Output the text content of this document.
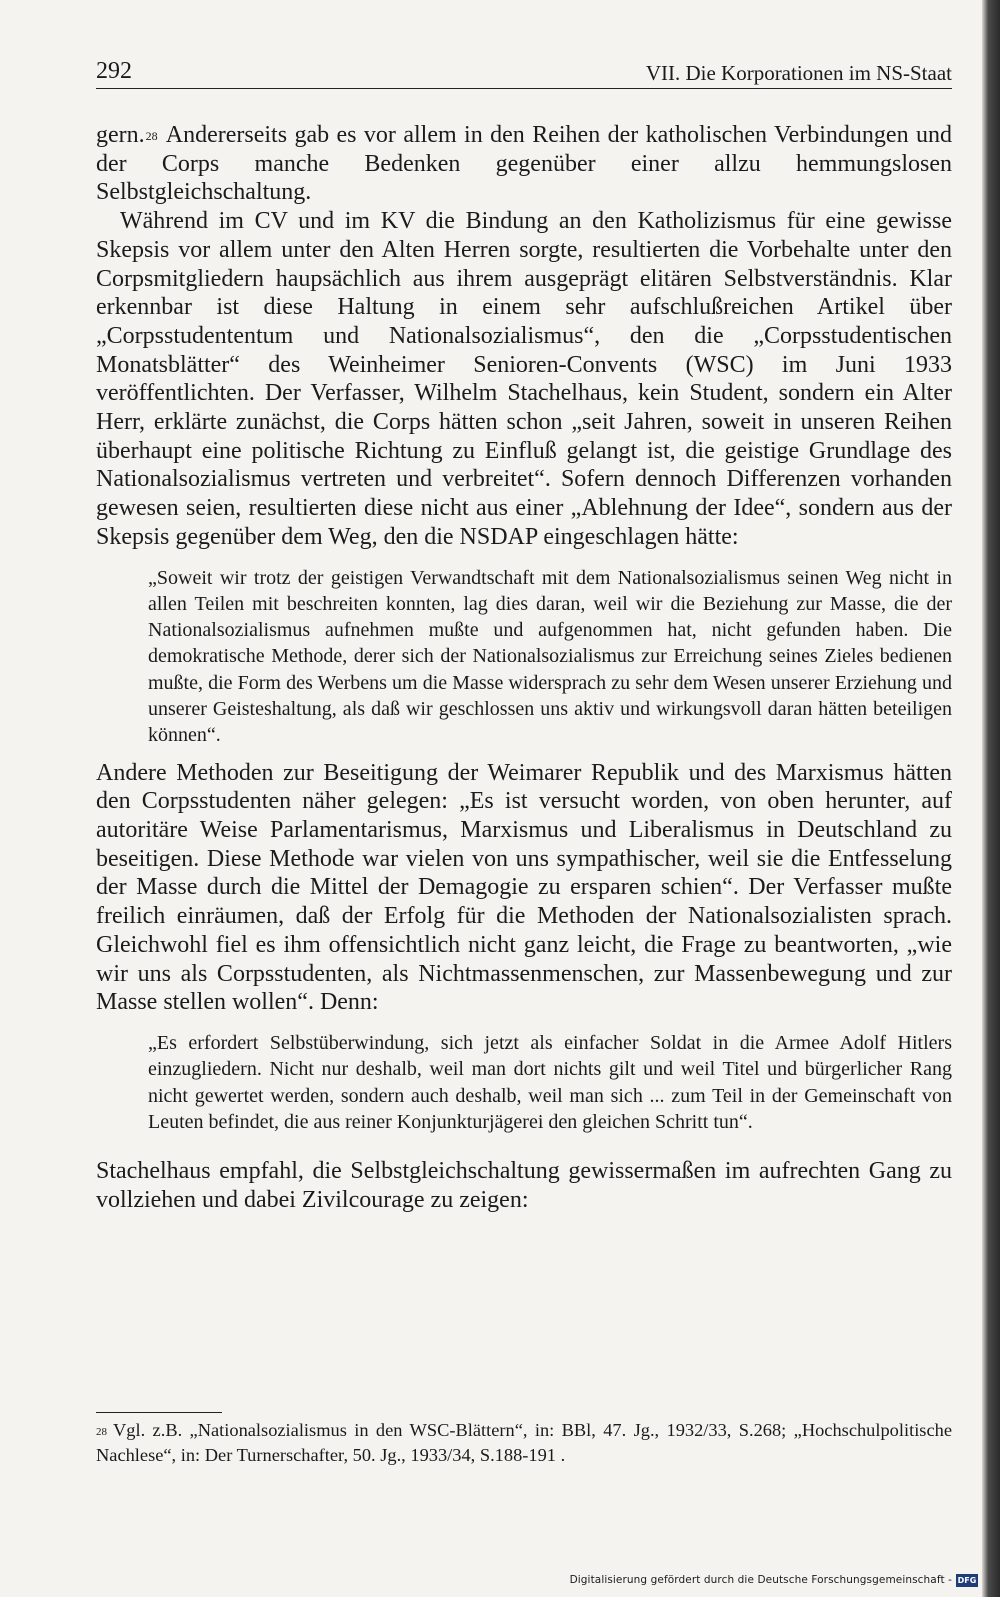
292	VII. Die Korporationen im NS-Staat

gern.$^{28}$ Andererseits gab es vor allem in den Reihen der katholischen Verbindungen und der Corps manche Bedenken gegenüber einer allzu hemmungslosen Selbstgleichschaltung.

Während im CV und im KV die Bindung an den Katholizismus für eine gewisse Skepsis vor allem unter den Alten Herren sorgte, resultierten die Vorbehalte unter den Corpsmitgliedern haupsächlich aus ihrem ausgeprägt elitären Selbstverständnis. Klar erkennbar ist diese Haltung in einem sehr aufschlußreichen Artikel über „Corpsstudententum und Nationalsozialismus“, den die „Corpsstudentischen Monatsblätter“ des Weinheimer Senioren-Convents (WSC) im Juni 1933 veröffentlichten. Der Verfasser, Wilhelm Stachelhaus, kein Student, sondern ein Alter Herr, erklärte zunächst, die Corps hätten schon „seit Jahren, soweit in unseren Reihen überhaupt eine politische Richtung zu Einfluß gelangt ist, die geistige Grundlage des Nationalsozialismus vertreten und verbreitet“. Sofern dennoch Differenzen vorhanden gewesen seien, resultierten diese nicht aus einer „Ablehnung der Idee“, sondern aus der Skepsis gegenüber dem Weg, den die NSDAP eingeschlagen hätte:

„Soweit wir trotz der geistigen Verwandtschaft mit dem Nationalsozialismus seinen Weg nicht in allen Teilen mit beschreiten konnten, lag dies daran, weil wir die Beziehung zur Masse, die der Nationalsozialismus aufnehmen mußte und aufgenommen hat, nicht gefunden haben. Die demokratische Methode, derer sich der Nationalsozialismus zur Erreichung seines Zieles bedienen mußte, die Form des Werbens um die Masse widersprach zu sehr dem Wesen unserer Erziehung und unserer Geisteshaltung, als daß wir geschlossen uns aktiv und wirkungsvoll daran hätten beteiligen können“.

Andere Methoden zur Beseitigung der Weimarer Republik und des Marxismus hätten den Corpsstudenten näher gelegen: „Es ist versucht worden, von oben herunter, auf autoritäre Weise Parlamentarismus, Marxismus und Liberalismus in Deutschland zu beseitigen. Diese Methode war vielen von uns sympathischer, weil sie die Entfesselung der Masse durch die Mittel der Demagogie zu ersparen schien“. Der Verfasser mußte freilich einräumen, daß der Erfolg für die Methoden der Nationalsozialisten sprach. Gleichwohl fiel es ihm offensichtlich nicht ganz leicht, die Frage zu beantworten, „wie wir uns als Corpsstudenten, als Nichtmassenmenschen, zur Massenbewegung und zur Masse stellen wollen“. Denn:

„Es erfordert Selbstüberwindung, sich jetzt als einfacher Soldat in die Armee Adolf Hitlers einzugliedern. Nicht nur deshalb, weil man dort nichts gilt und weil Titel und bürgerlicher Rang nicht gewertet werden, sondern auch deshalb, weil man sich ... zum Teil in der Gemeinschaft von Leuten befindet, die aus reiner Konjunkturjägerei den gleichen Schritt tun“.

Stachelhaus empfahl, die Selbstgleichschaltung gewissermaßen im aufrechten Gang zu vollziehen und dabei Zivilcourage zu zeigen:

$^{28}$ Vgl. z.B. „Nationalsozialismus in den WSC-Blättern“, in: BBl, 47. Jg., 1932/33, S.268; „Hochschulpolitische Nachlese“, in: Der Turnerschafter, 50. Jg., 1933/34, S.188-191 .

Digitalisierung gefördert durch die Deutsche Forschungsgemeinschaft - DFG
